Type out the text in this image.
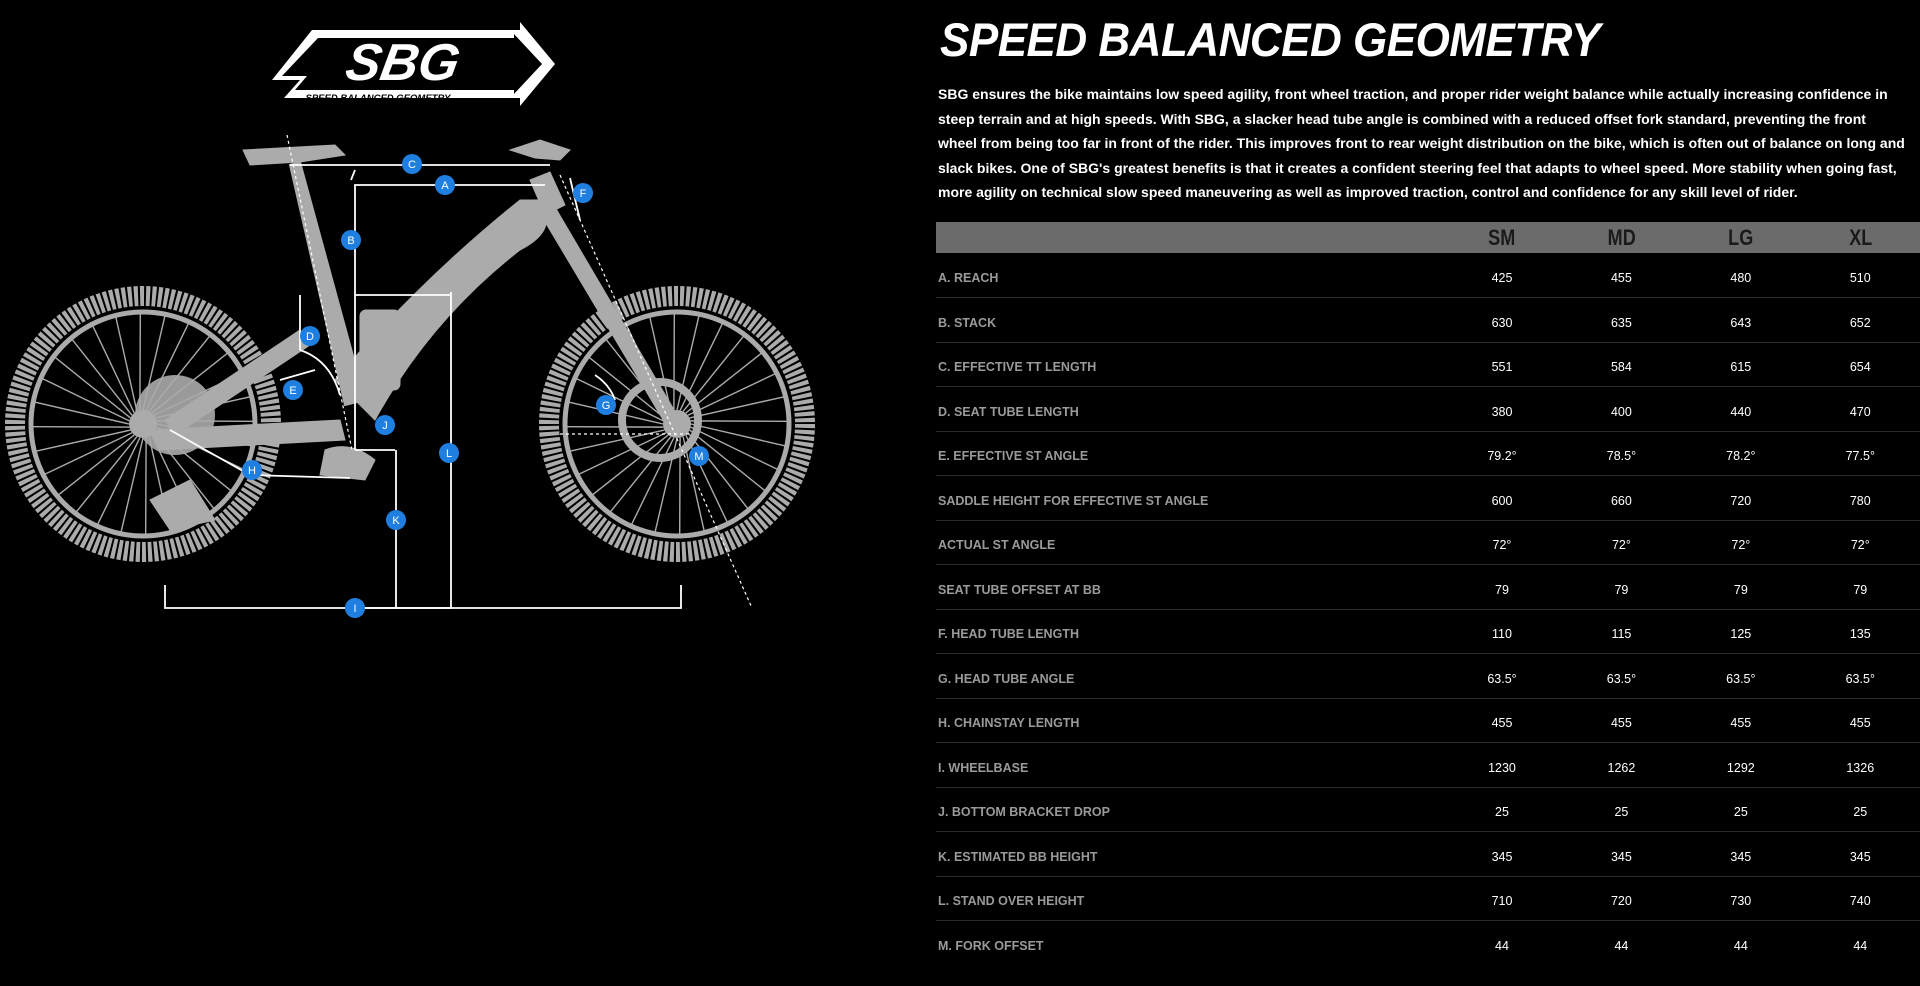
SBG
SPEED BALANCED GEOMETRY
A
B
C
D
E
F
G
H
I
J
K
L	M
SPEED BALANCED GEOMETRY

SBG ensures the bike maintains low speed agility, front wheel traction, and proper rider weight balance while actually increasing confidence in steep terrain and at high speeds. With SBG, a slacker head tube angle is combined with a reduced offset fork standard, preventing the front wheel from being too far in front of the rider. This improves front to rear weight distribution on the bike, which is often out of balance on long and slack bikes. One of SBG's greatest benefits is that it creates a confident steering feel that adapts to wheel speed. More stability when going fast, more agility on technical slow speed maneuvering as well as improved traction, control and confidence for any skill level of rider.

	SM	MD	LG	XL
A. REACH	425	455	480	510
B. STACK	630	635	643	652
C. EFFECTIVE TT LENGTH	551	584	615	654
D. SEAT TUBE LENGTH	380	400	440	470
E. EFFECTIVE ST ANGLE	79.2°	78.5°	78.2°	77.5°
SADDLE HEIGHT FOR EFFECTIVE ST ANGLE	600	660	720	780
ACTUAL ST ANGLE	72°	72°	72°	72°
SEAT TUBE OFFSET AT BB	79	79	79	79
F. HEAD TUBE LENGTH	110	115	125	135
G. HEAD TUBE ANGLE	63.5°	63.5°	63.5°	63.5°
H. CHAINSTAY LENGTH	455	455	455	455
I. WHEELBASE	1230	1262	1292	1326
J. BOTTOM BRACKET DROP	25	25	25	25
K. ESTIMATED BB HEIGHT	345	345	345	345
L. STAND OVER HEIGHT	710	720	730	740
M. FORK OFFSET	44	44	44	44
